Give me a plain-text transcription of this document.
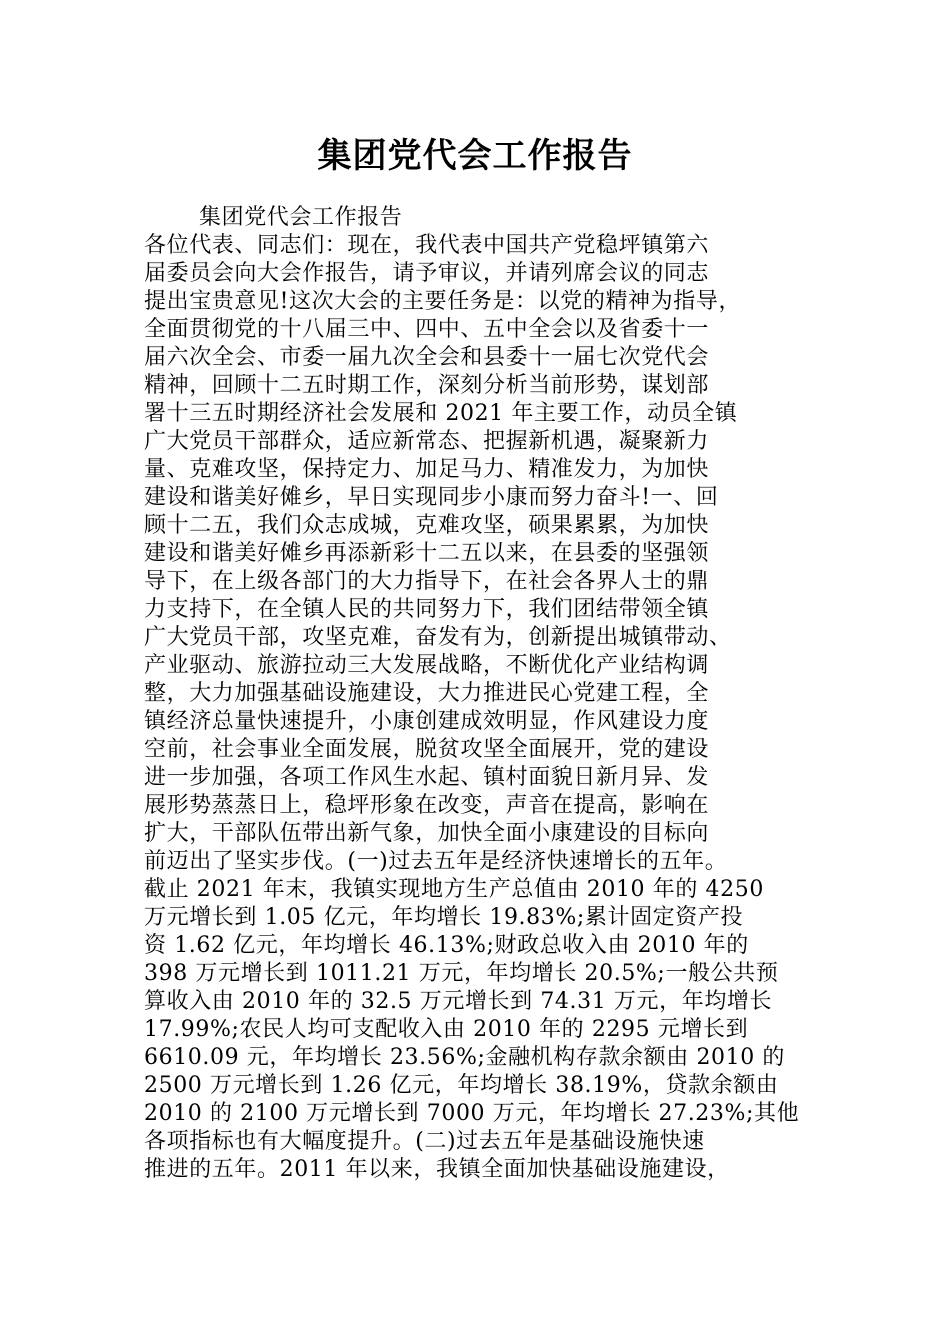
集团党代会工作报告
集团党代会工作报告
各位代表、同志们：现在，我代表中国共产党稳坪镇第六
届委员会向大会作报告，请予审议，并请列席会议的同志
提出宝贵意见!这次大会的主要任务是：以党的精神为指导，
全面贯彻党的十八届三中、四中、五中全会以及省委十一
届六次全会、市委一届九次全会和县委十一届七次党代会
精神，回顾十二五时期工作，深刻分析当前形势，谋划部
署十三五时期经济社会发展和 2021 年主要工作，动员全镇
广大党员干部群众，适应新常态、把握新机遇，凝聚新力
量、克难攻坚，保持定力、加足马力、精准发力，为加快
建设和谐美好傩乡，早日实现同步小康而努力奋斗!一、回
顾十二五，我们众志成城，克难攻坚，硕果累累，为加快
建设和谐美好傩乡再添新彩十二五以来，在县委的坚强领
导下，在上级各部门的大力指导下，在社会各界人士的鼎
力支持下，在全镇人民的共同努力下，我们团结带领全镇
广大党员干部，攻坚克难，奋发有为，创新提出城镇带动、
产业驱动、旅游拉动三大发展战略，不断优化产业结构调
整，大力加强基础设施建设，大力推进民心党建工程，全
镇经济总量快速提升，小康创建成效明显，作风建设力度
空前，社会事业全面发展，脱贫攻坚全面展开，党的建设
进一步加强，各项工作风生水起、镇村面貌日新月异、发
展形势蒸蒸日上，稳坪形象在改变，声音在提高，影响在
扩大，干部队伍带出新气象，加快全面小康建设的目标向
前迈出了坚实步伐。(一)过去五年是经济快速增长的五年。
截止 2021 年末，我镇实现地方生产总值由 2010 年的 4250
万元增长到 1.05 亿元，年均增长 19.83%;累计固定资产投
资 1.62 亿元，年均增长 46.13%;财政总收入由 2010 年的
398 万元增长到 1011.21 万元，年均增长 20.5%;一般公共预
算收入由 2010 年的 32.5 万元增长到 74.31 万元，年均增长
17.99%;农民人均可支配收入由 2010 年的 2295 元增长到
6610.09 元，年均增长 23.56%;金融机构存款余额由 2010 的
2500 万元增长到 1.26 亿元，年均增长 38.19%，贷款余额由
2010 的 2100 万元增长到 7000 万元，年均增长 27.23%;其他
各项指标也有大幅度提升。(二)过去五年是基础设施快速
推进的五年。2011 年以来，我镇全面加快基础设施建设，
